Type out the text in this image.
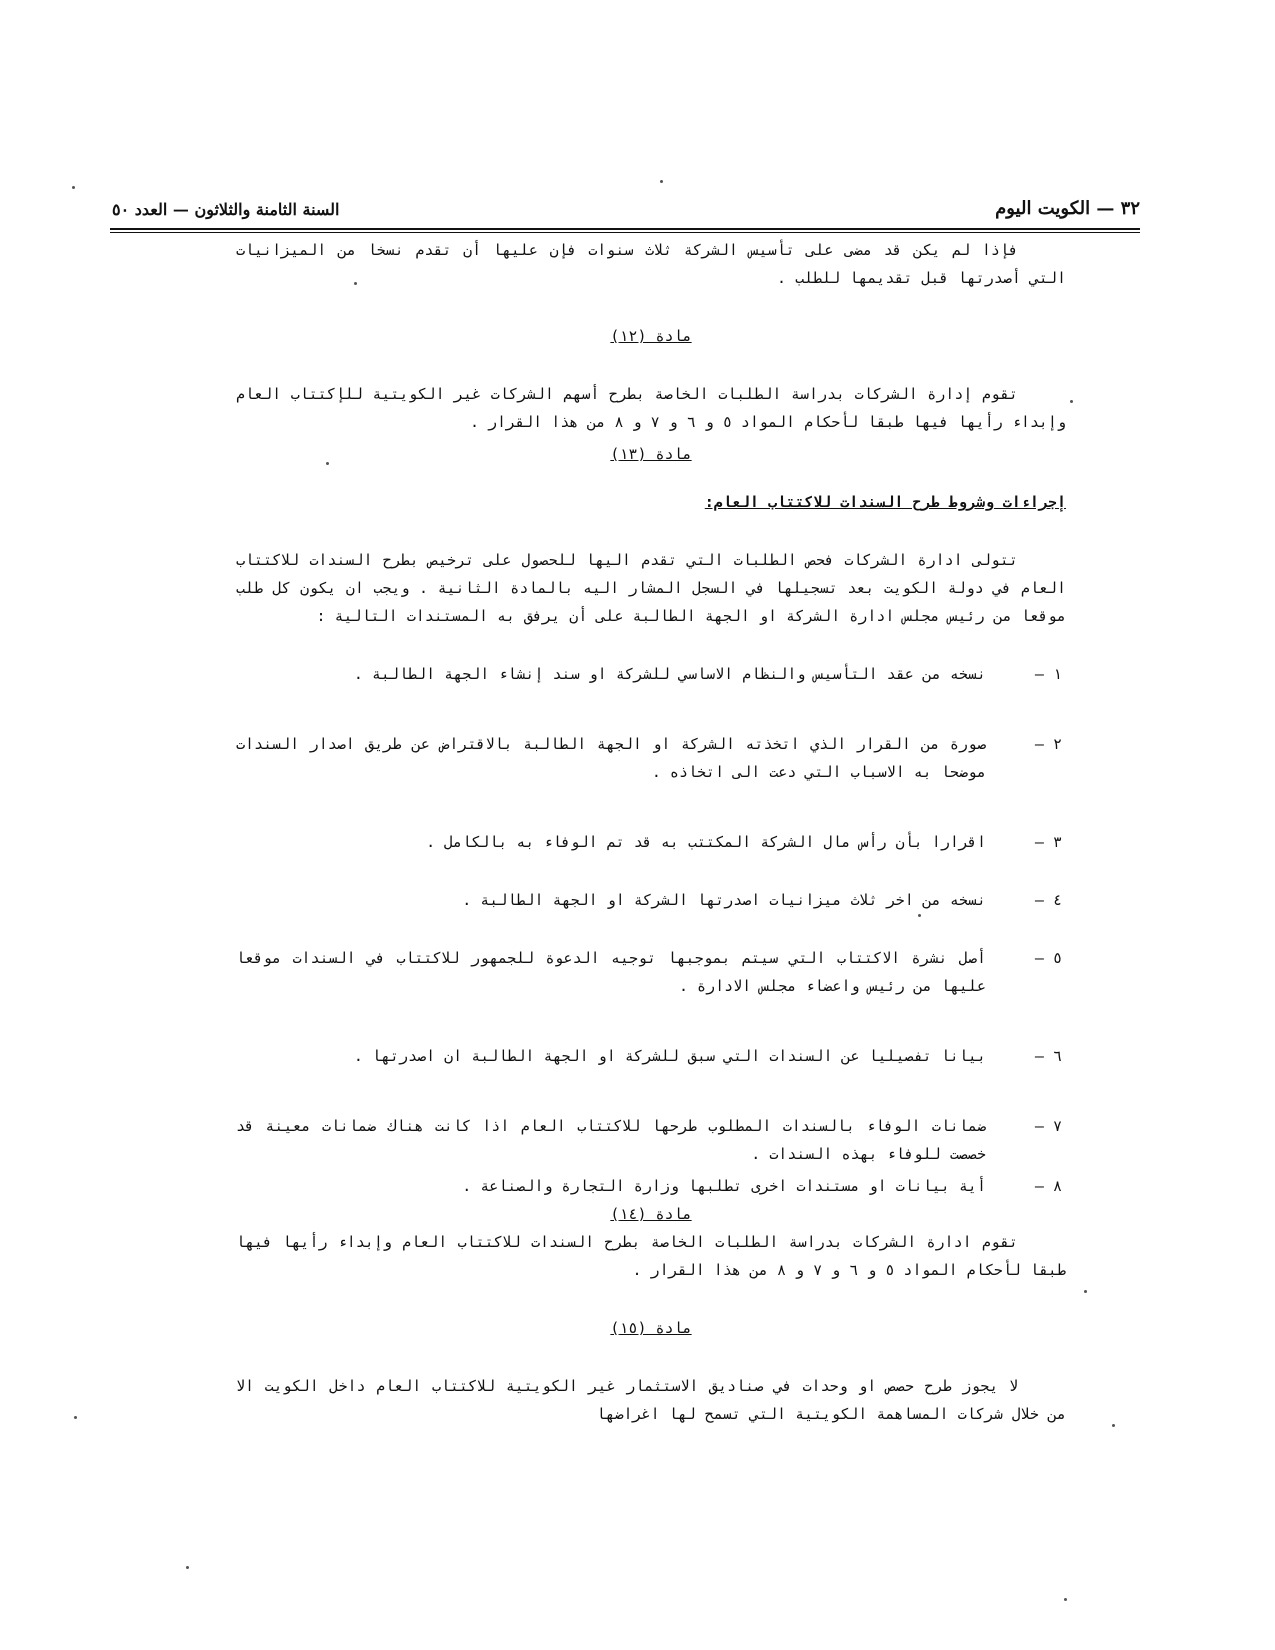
٣٢ — الكويت اليوم
السنة الثامنة والثلاثون — العدد ٥٠

فإذا لم يكن قد مضى على تأسيس الشركة ثلاث سنوات فإن عليها أن تقدم نسخا من الميزانيات التي أصدرتها قبل تقديمها للطلب .

مادة (١٢)

تقوم إدارة الشركات بدراسة الطلبات الخاصة بطرح أسهم الشركات غير الكويتية للإكتتاب العام وإبداء رأيها فيها طبقا لأحكام المواد ٥ و ٦ و ٧ و ٨ من هذا القرار .

مادة (١٣)

إجراءات وشروط طرح السندات للاكتتاب العام:

تتولى ادارة الشركات فحص الطلبات التي تقدم اليها للحصول على ترخيص بطرح السندات للاكتتاب العام في دولة الكويت بعد تسجيلها في السجل المشار اليه بالمادة الثانية . ويجب ان يكون كل طلب موقعا من رئيس مجلس ادارة الشركة او الجهة الطالبة على أن يرفق به المستندات التالية :

١ –
نسخه من عقد التأسيس والنظام الاساسي للشركة او سند إنشاء الجهة الطالبة .
٢ –
صورة من القرار الذي اتخذته الشركة او الجهة الطالبة بالاقتراض عن طريق اصدار السندات موضحا به الاسباب التي دعت الى اتخاذه .
٣ –
اقرارا بأن رأس مال الشركة المكتتب به قد تم الوفاء به بالكامل .
٤ –
نسخه من اخر ثلاث ميزانيات اصدرتها الشركة او الجهة الطالبة .
٥ –
أصل نشرة الاكتتاب التي سيتم بموجبها توجيه الدعوة للجمهور للاكتتاب في السندات موقعا عليها من رئيس واعضاء مجلس الادارة .
٦ –
بيانا تفصيليا عن السندات التي سبق للشركة او الجهة الطالبة ان اصدرتها .
٧ –
ضمانات الوفاء بالسندات المطلوب طرحها للاكتتاب العام اذا كانت هناك ضمانات معينة قد خصصت للوفاء بهذه السندات .
٨ –
أية بيانات او مستندات اخرى تطلبها وزارة التجارة والصناعة .

مادة (١٤)

تقوم ادارة الشركات بدراسة الطلبات الخاصة بطرح السندات للاكتتاب العام وإبداء رأيها فيها طبقا لأحكام المواد ٥ و ٦ و ٧ و ٨ من هذا القرار .

مادة (١٥)

لا يجوز طرح حصص او وحدات في صناديق الاستثمار غير الكويتية للاكتتاب العام داخل الكويت الا من خلال شركات المساهمة الكويتية التي تسمح لها اغراضها
